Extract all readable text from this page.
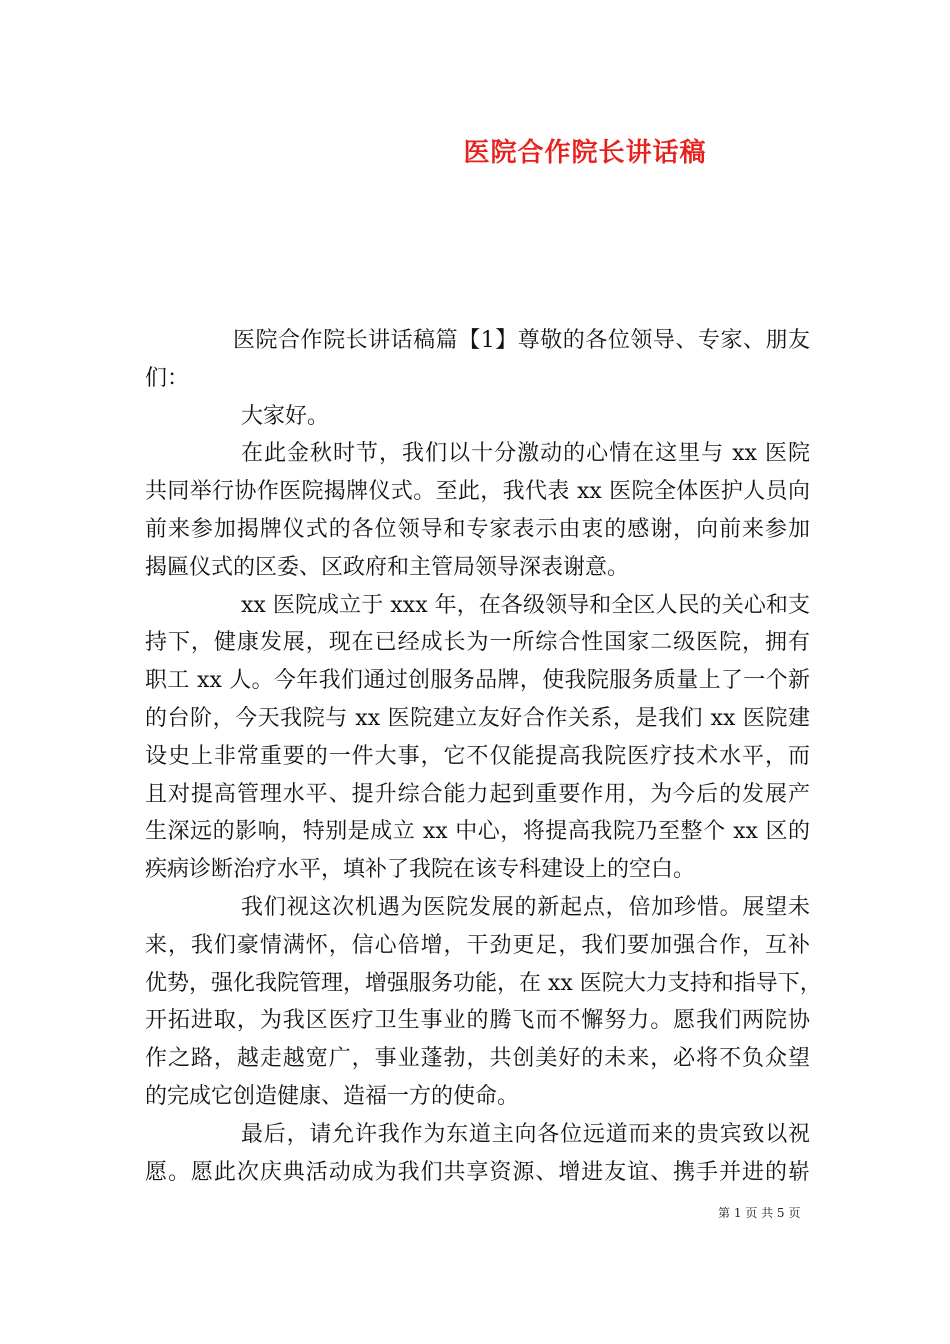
医院合作院长讲话稿
医院合作院长讲话稿篇【1】尊敬的各位领导、专家、朋友
们：
大家好。
在此金秋时节，我们以十分激动的心情在这里与 xx 医院
共同举行协作医院揭牌仪式。至此，我代表 xx 医院全体医护人员向
前来参加揭牌仪式的各位领导和专家表示由衷的感谢，向前来参加
揭匾仪式的区委、区政府和主管局领导深表谢意。
xx 医院成立于 xxx 年，在各级领导和全区人民的关心和支
持下，健康发展，现在已经成长为一所综合性国家二级医院，拥有
职工 xx 人。今年我们通过创服务品牌，使我院服务质量上了一个新
的台阶，今天我院与 xx 医院建立友好合作关系，是我们 xx 医院建
设史上非常重要的一件大事，它不仅能提高我院医疗技术水平，而
且对提高管理水平、提升综合能力起到重要作用，为今后的发展产
生深远的影响，特别是成立 xx 中心，将提高我院乃至整个 xx 区的
疾病诊断治疗水平，填补了我院在该专科建设上的空白。
我们视这次机遇为医院发展的新起点，倍加珍惜。展望未
来，我们豪情满怀，信心倍增，干劲更足，我们要加强合作，互补
优势，强化我院管理，增强服务功能，在 xx 医院大力支持和指导下，
开拓进取，为我区医疗卫生事业的腾飞而不懈努力。愿我们两院协
作之路，越走越宽广，事业蓬勃，共创美好的未来，必将不负众望
的完成它创造健康、造福一方的使命。
最后，请允许我作为东道主向各位远道而来的贵宾致以祝
愿。愿此次庆典活动成为我们共享资源、增进友谊、携手并进的崭
第 1 页 共 5 页
